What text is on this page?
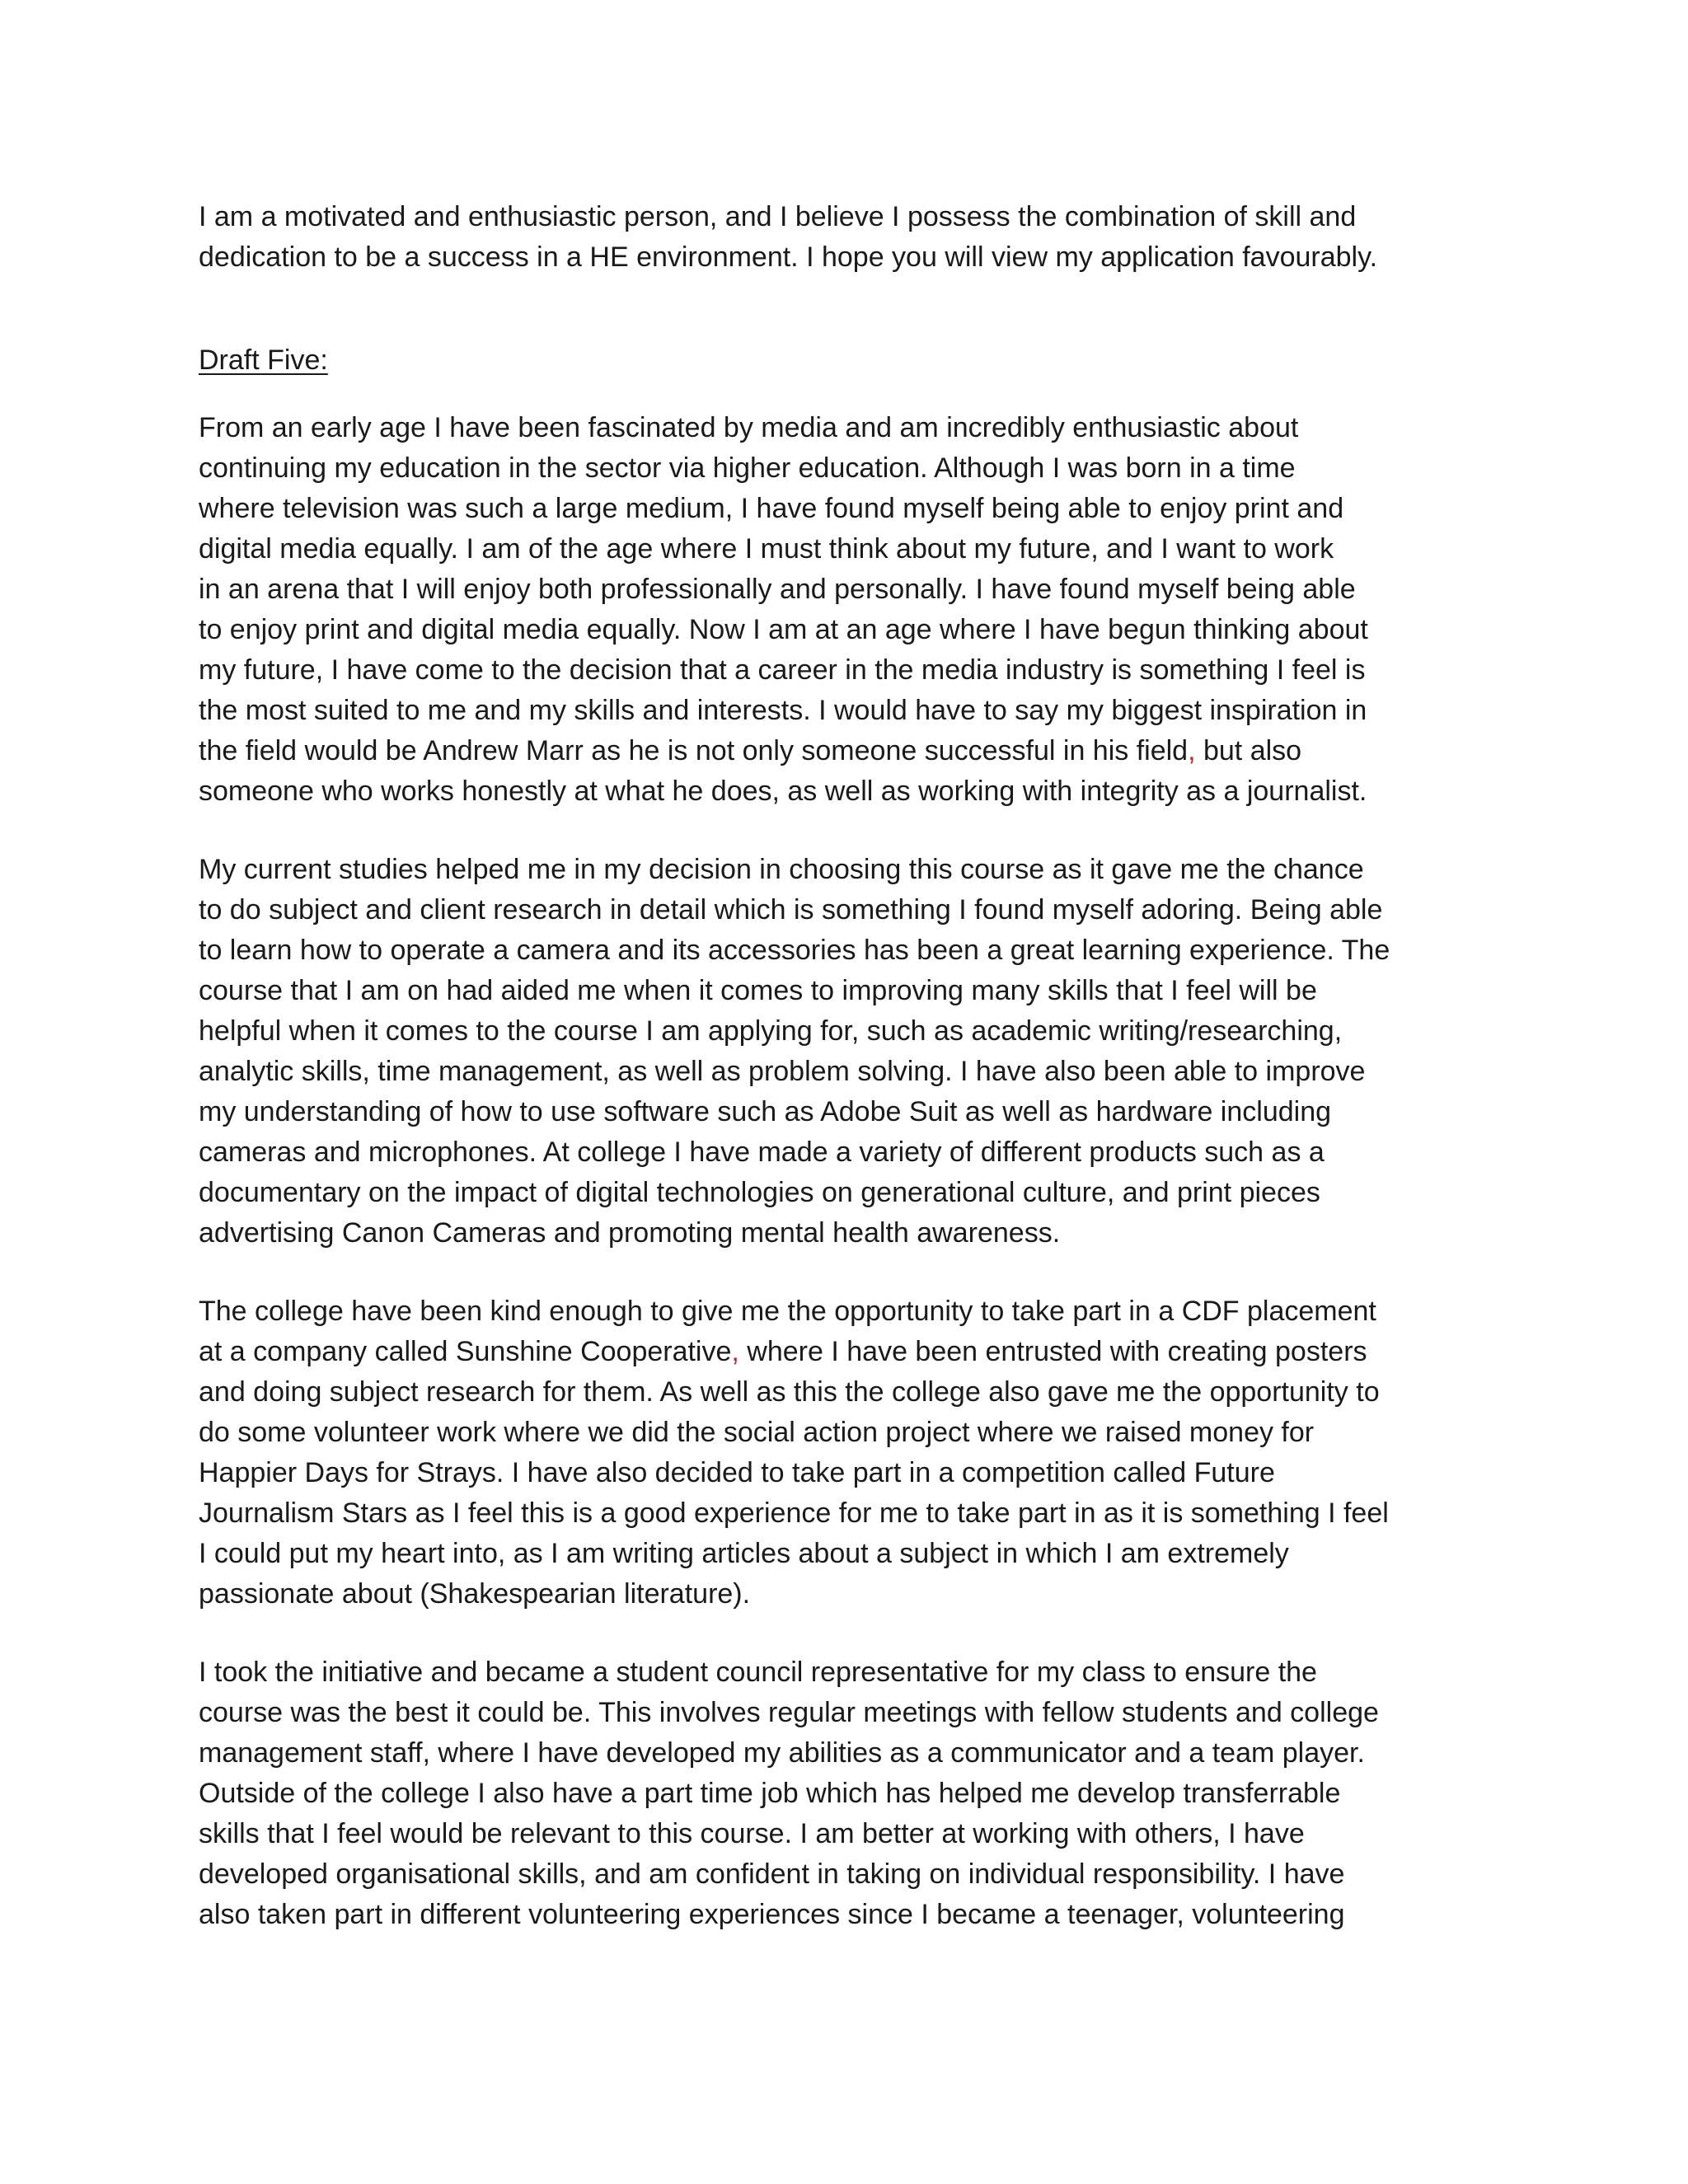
I am a motivated and enthusiastic person, and I believe I possess the combination of skill and
dedication to be a success in a HE environment. I hope you will view my application favourably.
Draft Five:
From an early age I have been fascinated by media and am incredibly enthusiastic about
continuing my education in the sector via higher education. Although I was born in a time
where television was such a large medium, I have found myself being able to enjoy print and
digital media equally. I am of the age where I must think about my future, and I want to work
in an arena that I will enjoy both professionally and personally. I have found myself being able
to enjoy print and digital media equally. Now I am at an age where I have begun thinking about
my future, I have come to the decision that a career in the media industry is something I feel is
the most suited to me and my skills and interests. I would have to say my biggest inspiration in
the field would be Andrew Marr as he is not only someone successful in his field, but also
someone who works honestly at what he does, as well as working with integrity as a journalist.
My current studies helped me in my decision in choosing this course as it gave me the chance
to do subject and client research in detail which is something I found myself adoring. Being able
to learn how to operate a camera and its accessories has been a great learning experience. The
course that I am on had aided me when it comes to improving many skills that I feel will be
helpful when it comes to the course I am applying for, such as academic writing/researching,
analytic skills, time management, as well as problem solving. I have also been able to improve
my understanding of how to use software such as Adobe Suit as well as hardware including
cameras and microphones. At college I have made a variety of different products such as a
documentary on the impact of digital technologies on generational culture, and print pieces
advertising Canon Cameras and promoting mental health awareness.
The college have been kind enough to give me the opportunity to take part in a CDF placement
at a company called Sunshine Cooperative, where I have been entrusted with creating posters
and doing subject research for them. As well as this the college also gave me the opportunity to
do some volunteer work where we did the social action project where we raised money for
Happier Days for Strays. I have also decided to take part in a competition called Future
Journalism Stars as I feel this is a good experience for me to take part in as it is something I feel
I could put my heart into, as I am writing articles about a subject in which I am extremely
passionate about (Shakespearian literature).
I took the initiative and became a student council representative for my class to ensure the
course was the best it could be. This involves regular meetings with fellow students and college
management staff, where I have developed my abilities as a communicator and a team player.
Outside of the college I also have a part time job which has helped me develop transferrable
skills that I feel would be relevant to this course. I am better at working with others, I have
developed organisational skills, and am confident in taking on individual responsibility. I have
also taken part in different volunteering experiences since I became a teenager, volunteering
